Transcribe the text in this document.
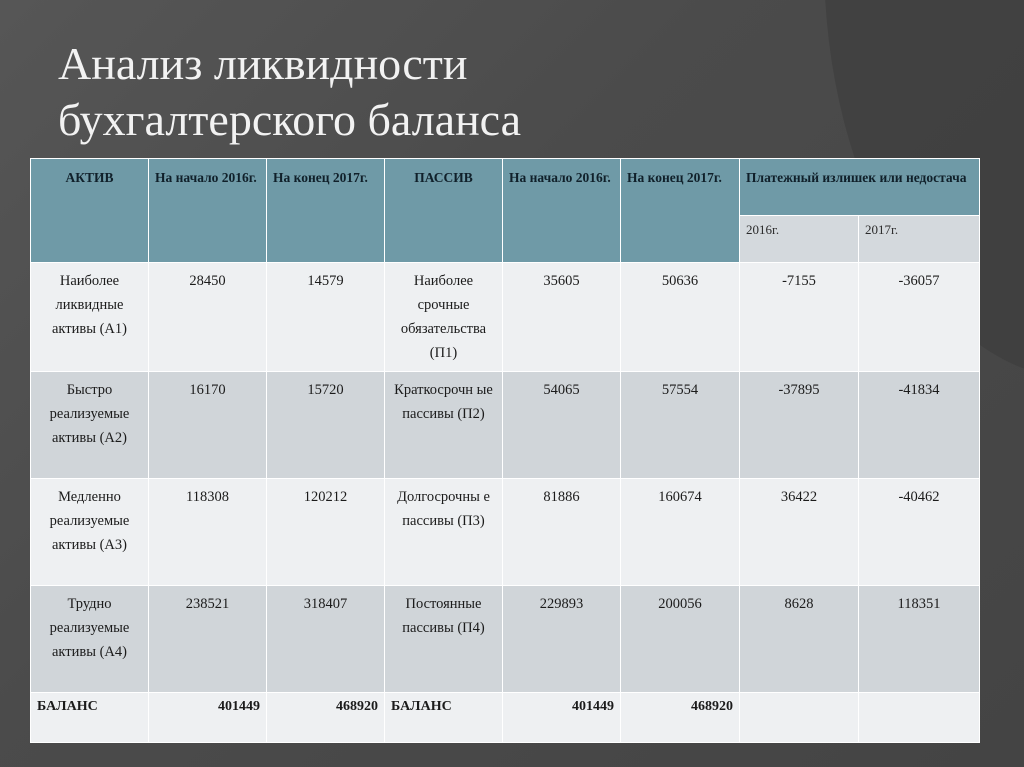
Анализ ликвидности
бухгалтерского баланса
АКТИВ	На начало 2016г.	На конец 2017г.	ПАССИВ	На начало 2016г.	На конец 2017г.	Платежный излишек или недостача	
						2016г.	2017г.
Наиболее ликвидные активы (А1)	28450	14579	Наиболее срочные обязательства (П1)	35605	50636	-7155	-36057
Быстро реализуемые активы (А2)	16170	15720	Краткосрочн ые пассивы (П2)	54065	57554	-37895	-41834
Медленно реализуемые активы (А3)	118308	120212	Долгосрочны е пассивы (П3)	81886	160674	36422	-40462
Трудно реализуемые активы (А4)	238521	318407	Постоянные пассивы (П4)	229893	200056	8628	118351
БАЛАНС	401449	468920	БАЛАНС	401449	468920		
